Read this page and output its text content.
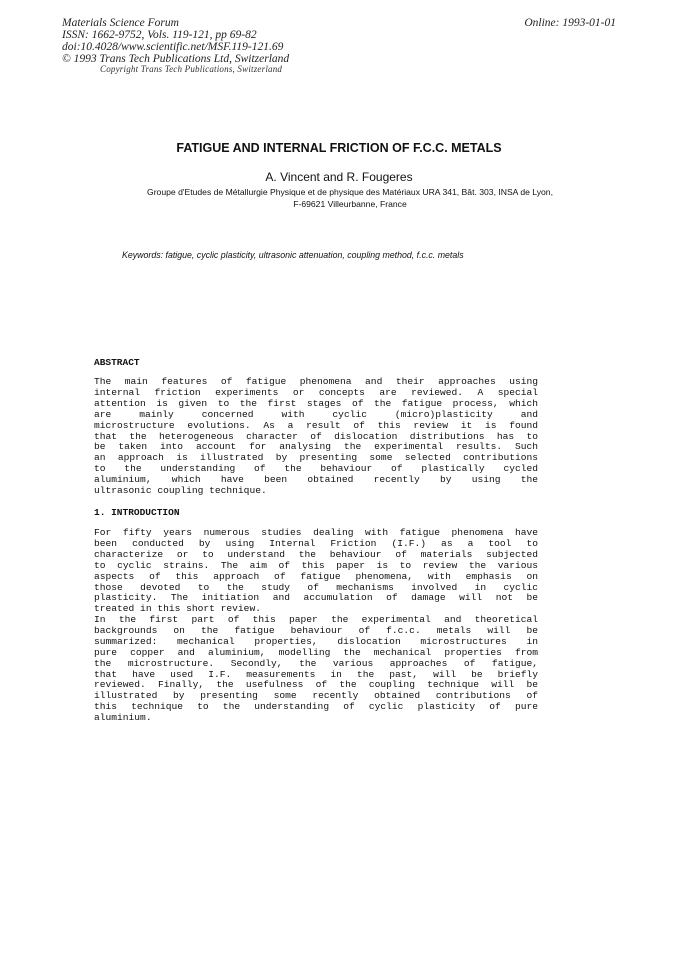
Materials Science Forum
ISSN: 1662-9752, Vols. 119-121, pp 69-82
doi:10.4028/www.scientific.net/MSF.119-121.69
© 1993 Trans Tech Publications Ltd, Switzerland
Online: 1993-01-01
Copyright Trans Tech Publications, Switzerland
FATIGUE AND INTERNAL FRICTION OF F.C.C. METALS
A. Vincent and R. Fougeres
Groupe d'Etudes de Métallurgie Physique et de physique des Matériaux URA 341, Bât. 303, INSA de Lyon,
F-69621 Villeurbanne, France
Keywords: fatigue, cyclic plasticity, ultrasonic attenuation, coupling method, f.c.c. metals
ABSTRACT
The main features of fatigue phenomena and their approaches using
internal friction experiments or concepts are reviewed. A special
attention is given to the first stages of the fatigue process, which
are mainly concerned with cyclic (micro)plasticity and
microstructure evolutions. As a result of this review it is found
that the heterogeneous character of dislocation distributions has to
be taken into account for analysing the experimental results. Such
an approach is illustrated by presenting some selected contributions
to the understanding of the behaviour of plastically cycled
aluminium, which have been obtained recently by using the
ultrasonic coupling technique.
1. INTRODUCTION
For fifty years numerous studies dealing with fatigue phenomena have
been conducted by using Internal Friction (I.F.) as a tool to
characterize or to understand the behaviour of materials subjected
to cyclic strains. The aim of this paper is to review the various
aspects of this approach of fatigue phenomena, with emphasis on
those devoted to the study of mechanisms involved in cyclic
plasticity. The initiation and accumulation of damage will not be
treated in this short review.
In the first part of this paper the experimental and theoretical
backgrounds on the fatigue behaviour of f.c.c. metals will be
summarized: mechanical properties, dislocation microstructures in
pure copper and aluminium, modelling the mechanical properties from
the microstructure. Secondly, the various approaches of fatigue,
that have used I.F. measurements in the past, will be briefly
reviewed. Finally, the usefulness of the coupling technique will be
illustrated by presenting some recently obtained contributions of
this technique to the understanding of cyclic plasticity of pure
aluminium.
